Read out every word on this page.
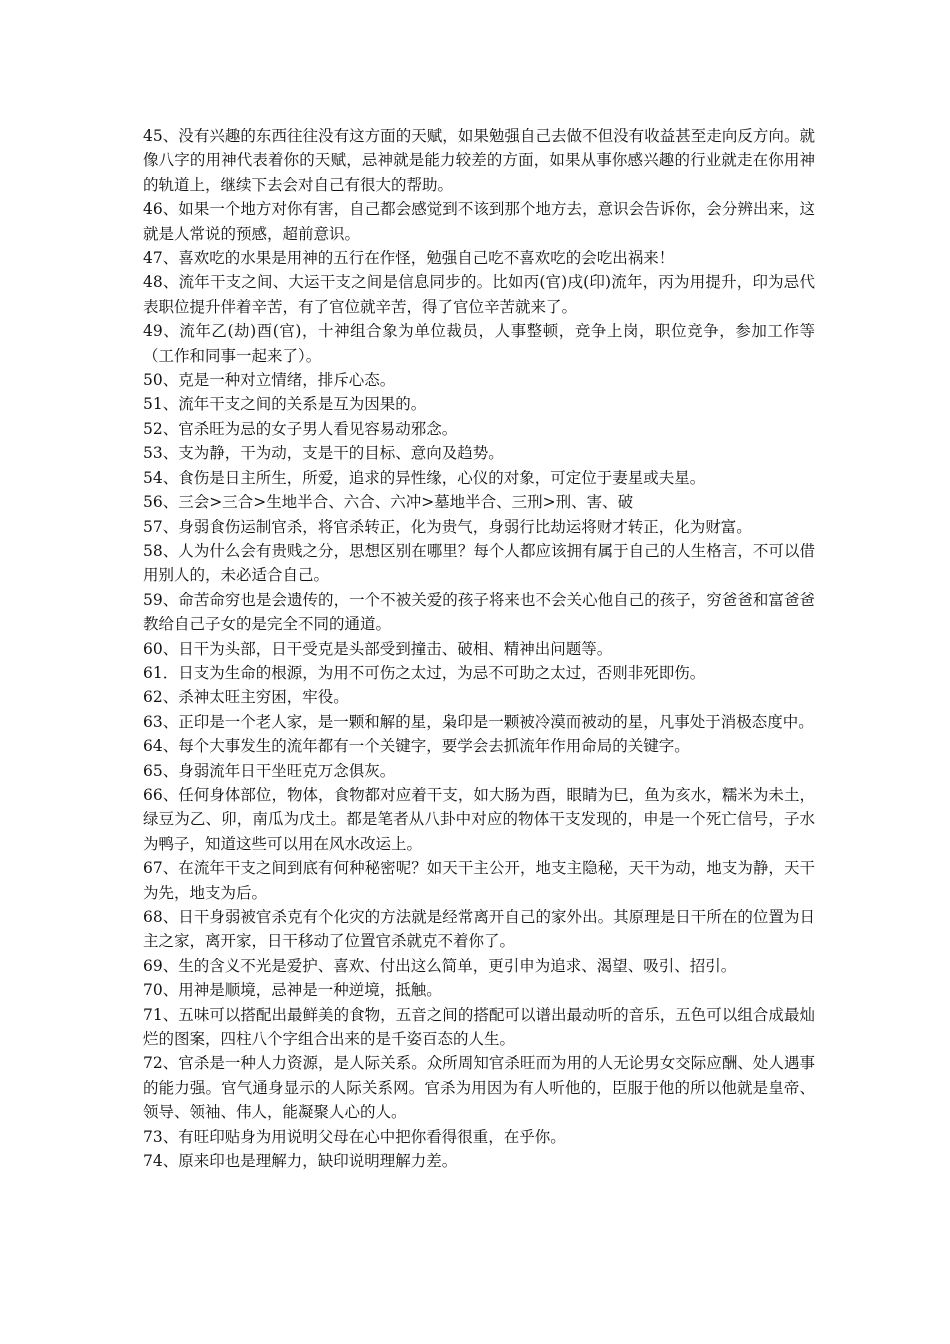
45、没有兴趣的东西往往没有这方面的天赋，如果勉强自己去做不但没有收益甚至走向反方向。就像八字的用神代表着你的天赋，忌神就是能力较差的方面，如果从事你感兴趣的行业就走在你用神的轨道上，继续下去会对自己有很大的帮助。

46、如果一个地方对你有害，自己都会感觉到不该到那个地方去，意识会告诉你，会分辨出来，这就是人常说的预感，超前意识。

47、喜欢吃的水果是用神的五行在作怪，勉强自己吃不喜欢吃的会吃出祸来！

48、流年干支之间、大运干支之间是信息同步的。比如丙(官)戌(印)流年，丙为用提升，印为忌代表职位提升伴着辛苦，有了官位就辛苦，得了官位辛苦就来了。

49、流年乙(劫)酉(官)，十神组合象为单位裁员，人事整顿，竞争上岗，职位竞争，参加工作等（工作和同事一起来了）。

50、克是一种对立情绪，排斥心态。

51、流年干支之间的关系是互为因果的。

52、官杀旺为忌的女子男人看见容易动邪念。

53、支为静，干为动，支是干的目标、意向及趋势。

54、食伤是日主所生，所爱，追求的异性缘，心仪的对象，可定位于妻星或夫星。

56、三会>三合>生地半合、六合、六冲>墓地半合、三刑>刑、害、破

57、身弱食伤运制官杀，将官杀转正，化为贵气，身弱行比劫运将财才转正，化为财富。

58、人为什么会有贵贱之分，思想区别在哪里？每个人都应该拥有属于自己的人生格言，不可以借用别人的，未必适合自己。

59、命苦命穷也是会遗传的，一个不被关爱的孩子将来也不会关心他自己的孩子，穷爸爸和富爸爸教给自己子女的是完全不同的通道。

60、日干为头部，日干受克是头部受到撞击、破相、精神出问题等。

61．日支为生命的根源，为用不可伤之太过，为忌不可助之太过，否则非死即伤。

62、杀神太旺主穷困，牢役。

63、正印是一个老人家，是一颗和解的星，枭印是一颗被冷漠而被动的星，凡事处于消极态度中。

64、每个大事发生的流年都有一个关键字，要学会去抓流年作用命局的关键字。

65、身弱流年日干坐旺克万念俱灰。

66、任何身体部位，物体，食物都对应着干支，如大肠为酉，眼睛为巳，鱼为亥水，糯米为未土，绿豆为乙、卯，南瓜为戊土。都是笔者从八卦中对应的物体干支发现的，申是一个死亡信号，子水为鸭子，知道这些可以用在风水改运上。

67、在流年干支之间到底有何种秘密呢？如天干主公开，地支主隐秘，天干为动，地支为静，天干为先，地支为后。

68、日干身弱被官杀克有个化灾的方法就是经常离开自己的家外出。其原理是日干所在的位置为日主之家，离开家，日干移动了位置官杀就克不着你了。

69、生的含义不光是爱护、喜欢、付出这么简单，更引申为追求、渴望、吸引、招引。

70、用神是顺境，忌神是一种逆境，抵触。

71、五味可以搭配出最鲜美的食物，五音之间的搭配可以谱出最动听的音乐，五色可以组合成最灿烂的图案，四柱八个字组合出来的是千姿百态的人生。

72、官杀是一种人力资源，是人际关系。众所周知官杀旺而为用的人无论男女交际应酬、处人遇事的能力强。官气通身显示的人际关系网。官杀为用因为有人听他的，臣服于他的所以他就是皇帝、领导、领袖、伟人，能凝聚人心的人。

73、有旺印贴身为用说明父母在心中把你看得很重，在乎你。

74、原来印也是理解力，缺印说明理解力差。
